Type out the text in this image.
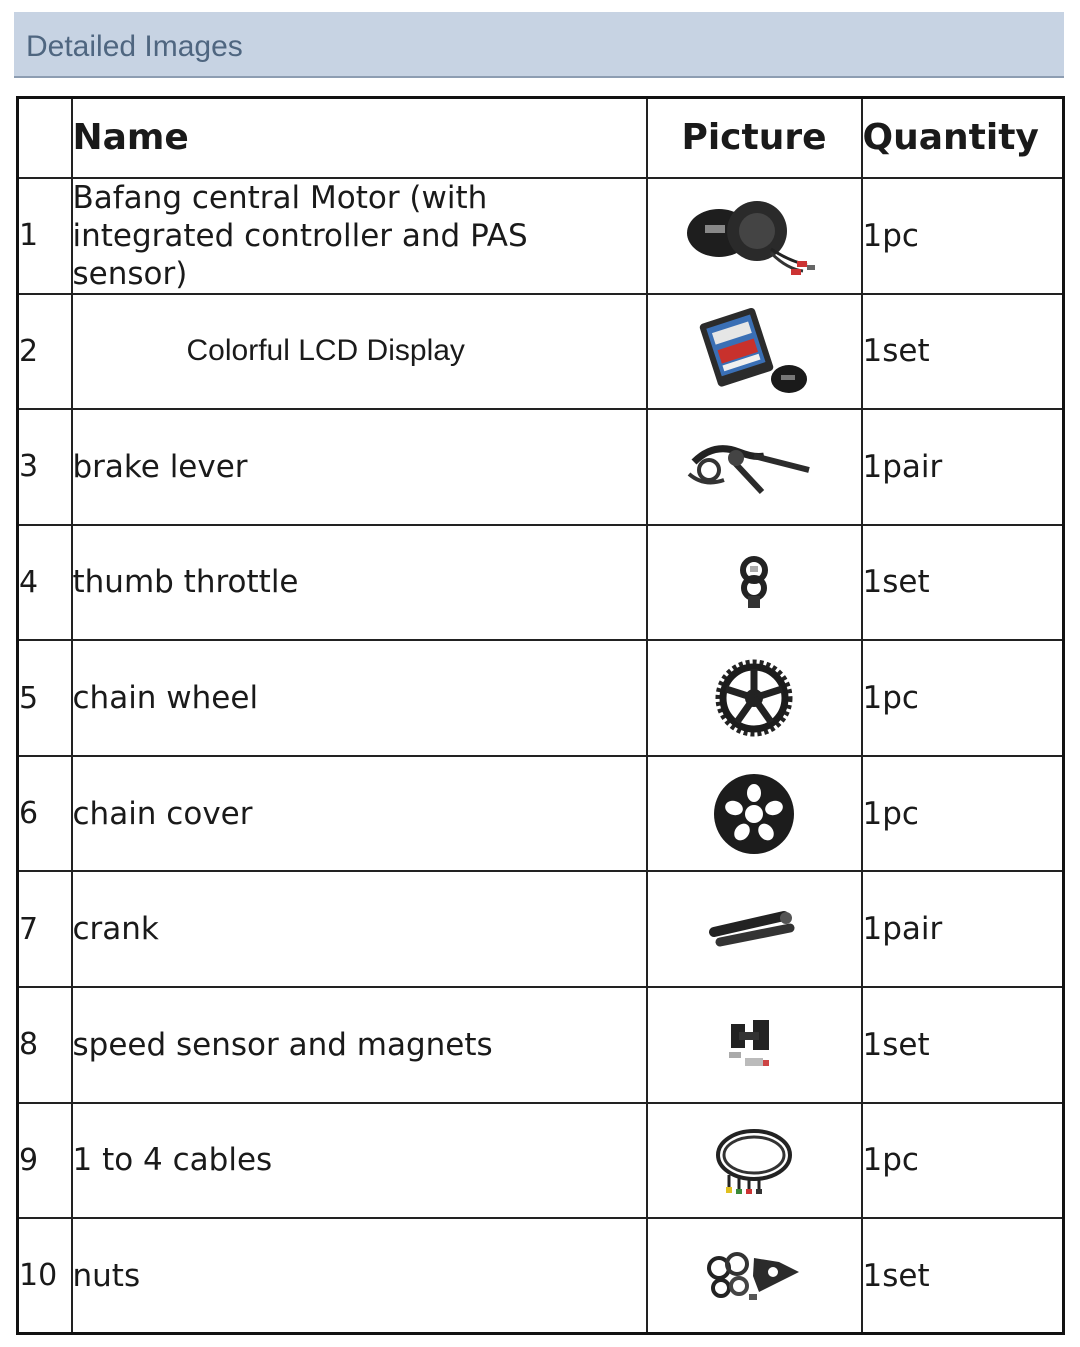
Detailed Images
	Name	Picture	Quantity
1	Bafang central Motor (with integrated controller and PAS sensor)		1pc
2	Colorful LCD Display		1set
3	brake lever		1pair
4	thumb throttle		1set
5	chain wheel		1pc
6	chain cover		1pc
7	crank		1pair
8	speed sensor and magnets		1set
9	1 to 4 cables		1pc
10	nuts		1set
